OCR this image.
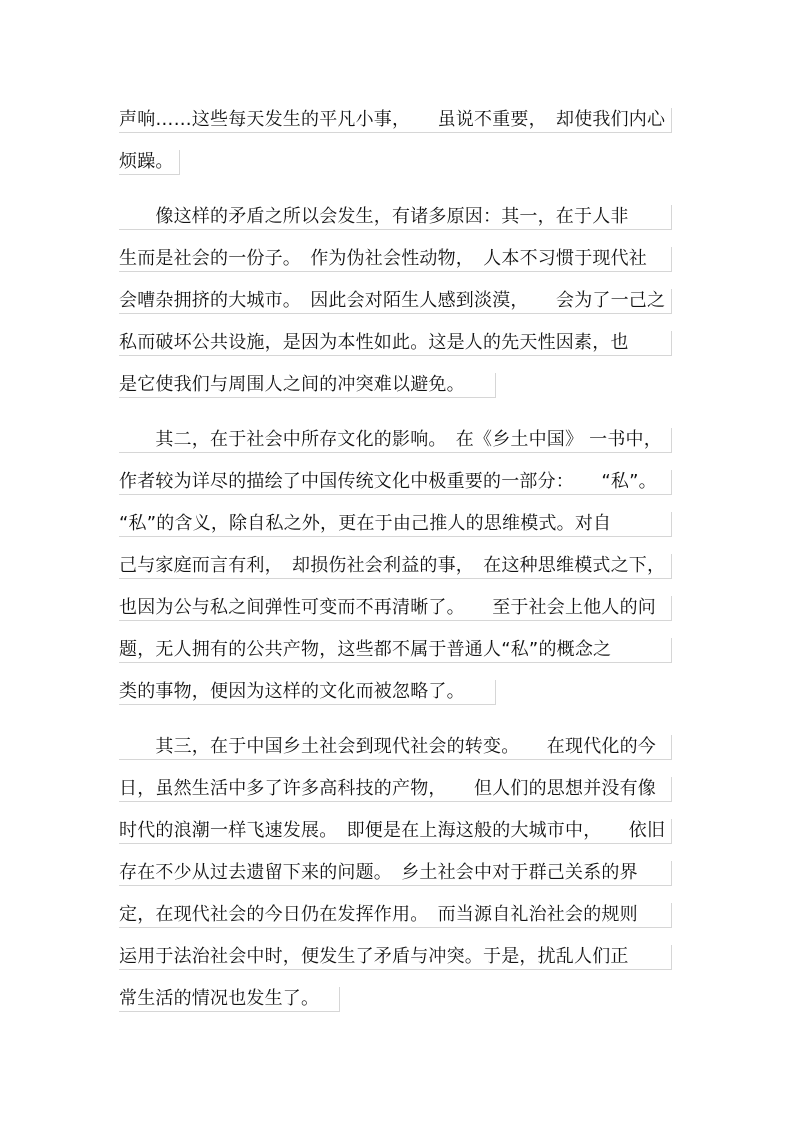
声响……这些每天发生的平凡小事，　　虽说不重要，　却使我们内心
烦躁。
　　像这样的矛盾之所以会发生，有诸多原因：其一，在于人非
生而是社会的一份子。　作为伪社会性动物，　人本不习惯于现代社
会嘈杂拥挤的大城市。　因此会对陌生人感到淡漠，　　会为了一己之
私而破坏公共设施，是因为本性如此。这是人的先天性因素，也
是它使我们与周围人之间的冲突难以避免。
　　其二，在于社会中所存文化的影响。　在《乡土中国》 一书中，
作者较为详尽的描绘了中国传统文化中极重要的一部分：　　“私”。
“私”的含义，除自私之外，更在于由己推人的思维模式。对自
己与家庭而言有利，　却损伤社会利益的事，　在这种思维模式之下，
也因为公与私之间弹性可变而不再清晰了。　　至于社会上他人的问
题，无人拥有的公共产物，这些都不属于普通人“私”的概念之
类的事物，便因为这样的文化而被忽略了。
　　其三，在于中国乡土社会到现代社会的转变。　　在现代化的今
日，虽然生活中多了许多高科技的产物，　　但人们的思想并没有像
时代的浪潮一样飞速发展。　即便是在上海这般的大城市中，　　依旧
存在不少从过去遗留下来的问题。　乡土社会中对于群己关系的界
定，在现代社会的今日仍在发挥作用。　而当源自礼治社会的规则
运用于法治社会中时，便发生了矛盾与冲突。于是，扰乱人们正
常生活的情况也发生了。
